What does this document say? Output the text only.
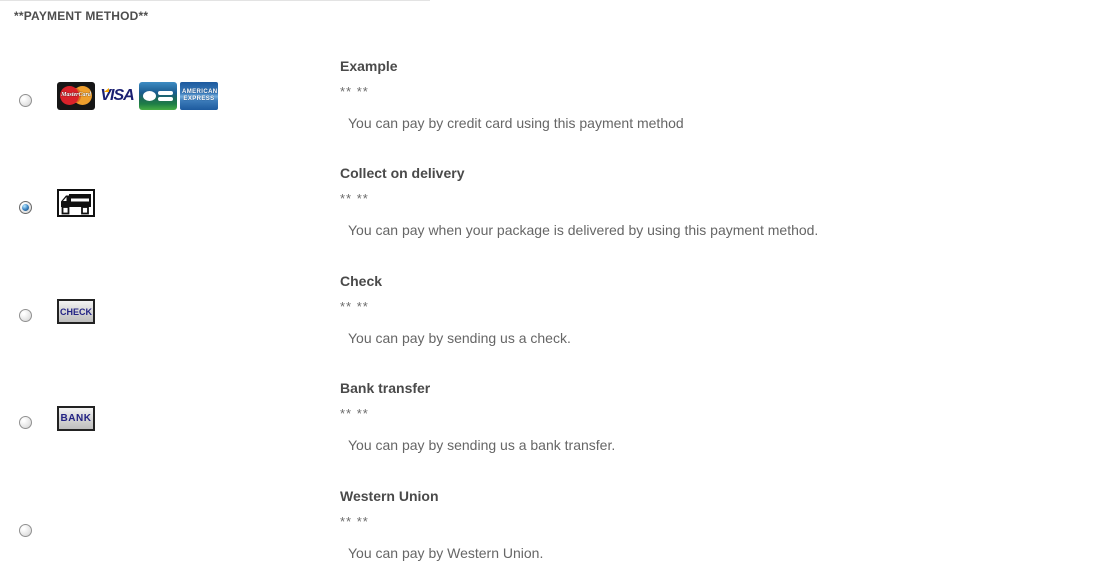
**PAYMENT METHOD**
MasterCard VISA	AMERICAN EXPRESS
Example
** **
You can pay by credit card using this payment method
Collect on delivery
** **
You can pay when your package is delivered by using this payment method.
CHECK
Check
** **
You can pay by sending us a check.
BANK
Bank transfer
** **
You can pay by sending us a bank transfer.
Western Union
** **
You can pay by Western Union.
